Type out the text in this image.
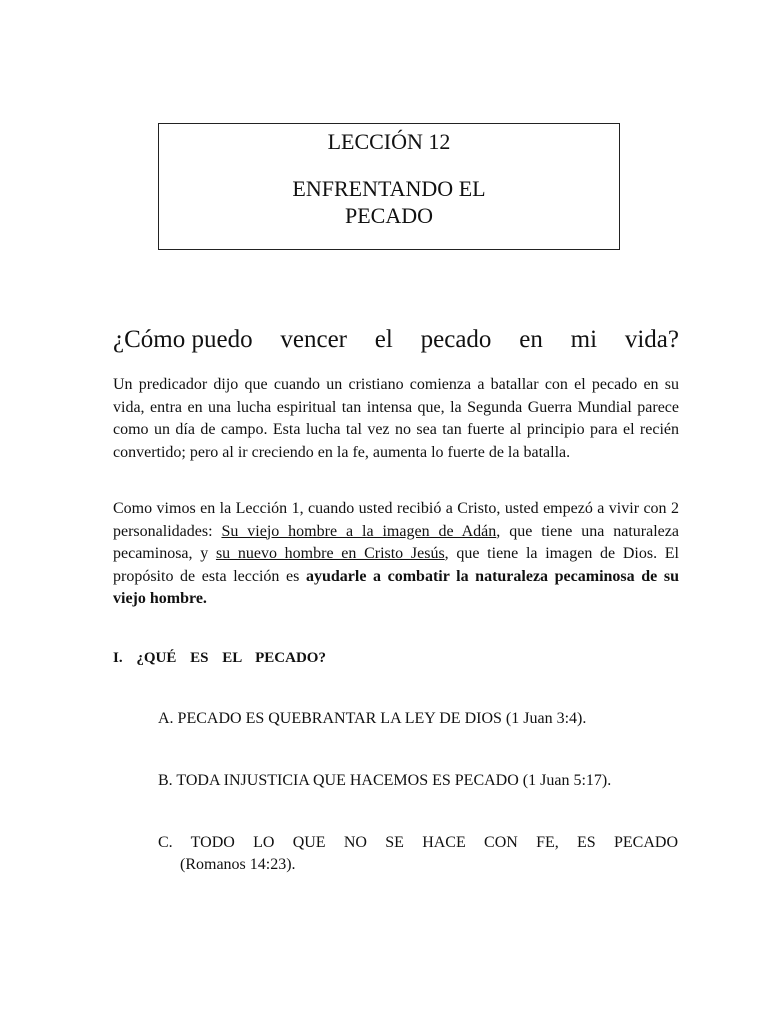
LECCIÓN 12
ENFRENTANDO EL
PECADO
¿Cómo puedo vencer el pecado en mi vida?
Un predicador dijo que cuando un cristiano comienza a batallar con el pecado en su vida, entra en una lucha espiritual tan intensa que, la Segunda Guerra Mundial parece como un día de campo. Esta lucha tal vez no sea tan fuerte al principio para el recién convertido; pero al ir creciendo en la fe, aumenta lo fuerte de la batalla.
Como vimos en la Lección 1, cuando usted recibió a Cristo, usted empezó a vivir con 2 personalidades: Su viejo hombre a la imagen de Adán, que tiene una naturaleza pecaminosa, y su nuevo hombre en Cristo Jesús, que tiene la imagen de Dios. El propósito de esta lección es ayudarle a combatir la naturaleza pecaminosa de su viejo hombre.
I. ¿QUÉ ES EL PECADO?
A. PECADO ES QUEBRANTAR LA LEY DE DIOS (1 Juan 3:4).
B. TODA INJUSTICIA QUE HACEMOS ES PECADO (1 Juan 5:17).
C. TODO LO QUE NO SE HACE CON FE, ES PECADO
(Romanos 14:23).
